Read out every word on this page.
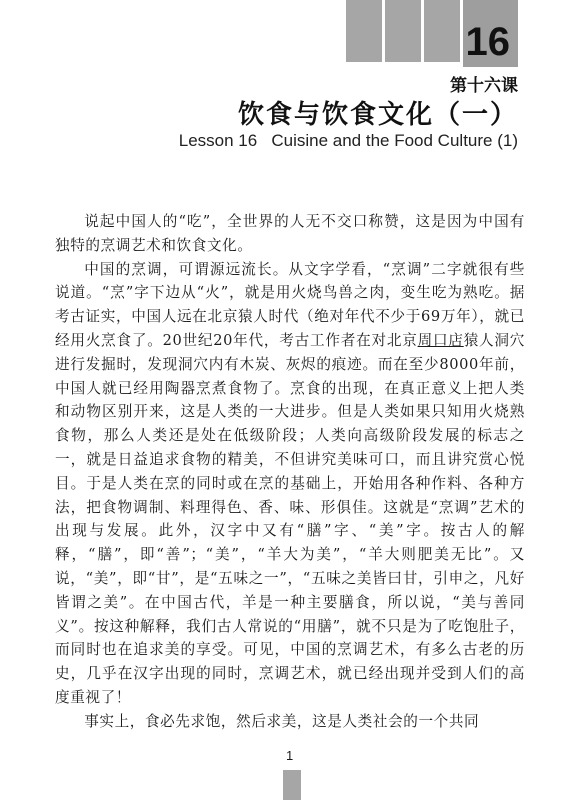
16
第十六课
饮食与饮食文化（一）
Lesson 16   Cuisine and the Food Culture (1)

说起中国人的“吃”，全世界的人无不交口称赞，这是因为中国有独特的烹调艺术和饮食文化。

中国的烹调，可谓源远流长。从文字学看，“烹调”二字就很有些说道。“烹”字下边从“火”，就是用火烧鸟兽之肉，变生吃为熟吃。据考古证实，中国人远在北京猿人时代（绝对年代不少于69万年），就已经用火烹食了。20世纪20年代，考古工作者在对北京周口店猿人洞穴进行发掘时，发现洞穴内有木炭、灰烬的痕迹。而在至少8000年前，中国人就已经用陶器烹煮食物了。烹食的出现，在真正意义上把人类和动物区别开来，这是人类的一大进步。但是人类如果只知用火烧熟食物，那么人类还是处在低级阶段；人类向高级阶段发展的标志之一，就是日益追求食物的精美，不但讲究美味可口，而且讲究赏心悦目。于是人类在烹的同时或在烹的基础上，开始用各种作料、各种方法，把食物调制、料理得色、香、味、形俱佳。这就是“烹调”艺术的出现与发展。此外，汉字中又有“膳”字、“美”字。按古人的解释，“膳”，即“善”；“美”，“羊大为美”，“羊大则肥美无比”。又说，“美”，即“甘”，是“五味之一”，“五味之美皆曰甘，引申之，凡好皆谓之美”。在中国古代，羊是一种主要膳食，所以说，“美与善同义”。按这种解释，我们古人常说的“用膳”，就不只是为了吃饱肚子，而同时也在追求美的享受。可见，中国的烹调艺术，有多么古老的历史，几乎在汉字出现的同时，烹调艺术，就已经出现并受到人们的高度重视了！

事实上，食必先求饱，然后求美，这是人类社会的一个共同

1
